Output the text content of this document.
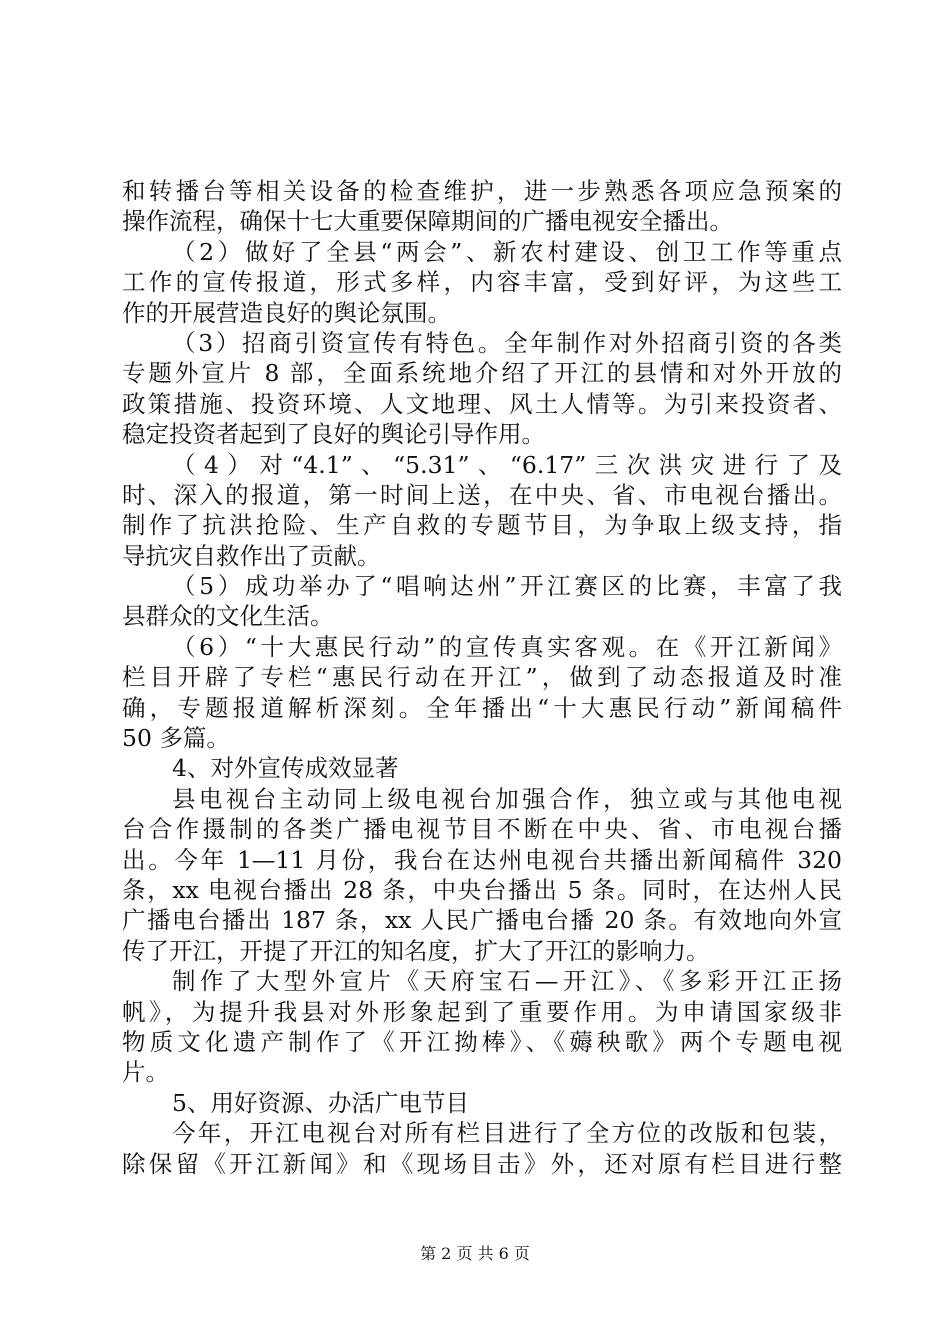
和转播台等相关设备的检查维护，进一步熟悉各项应急预案的
操作流程，确保十七大重要保障期间的广播电视安全播出。
（2）做好了全县“两会”、新农村建设、创卫工作等重点
工作的宣传报道，形式多样，内容丰富，受到好评，为这些工
作的开展营造良好的舆论氛围。
（3）招商引资宣传有特色。全年制作对外招商引资的各类
专题外宣片 8 部，全面系统地介绍了开江的县情和对外开放的
政策措施、投资环境、人文地理、风土人情等。为引来投资者、
稳定投资者起到了良好的舆论引导作用。
（4）对“4.1”、“5.31”、“6.17”三次洪灾进行了及
时、深入的报道，第一时间上送，在中央、省、市电视台播出。
制作了抗洪抢险、生产自救的专题节目，为争取上级支持，指
导抗灾自救作出了贡献。
（5）成功举办了“唱响达州”开江赛区的比赛，丰富了我
县群众的文化生活。
（6）“十大惠民行动”的宣传真实客观。在《开江新闻》
栏目开辟了专栏“惠民行动在开江”，做到了动态报道及时准
确，专题报道解析深刻。全年播出“十大惠民行动”新闻稿件
50 多篇。
4、对外宣传成效显著
县电视台主动同上级电视台加强合作，独立或与其他电视
台合作摄制的各类广播电视节目不断在中央、省、市电视台播
出。今年 1—11 月份，我台在达州电视台共播出新闻稿件 320
条，xx 电视台播出 28 条，中央台播出 5 条。同时，在达州人民
广播电台播出 187 条，xx 人民广播电台播 20 条。有效地向外宣
传了开江，开提了开江的知名度，扩大了开江的影响力。
制作了大型外宣片《天府宝石—开江》、《多彩开江正扬
帆》，为提升我县对外形象起到了重要作用。为申请国家级非
物质文化遗产制作了《开江拗棒》、《薅秧歌》两个专题电视
片。
5、用好资源、办活广电节目
今年，开江电视台对所有栏目进行了全方位的改版和包装，
除保留《开江新闻》和《现场目击》外，还对原有栏目进行整
第 2 页 共 6 页
